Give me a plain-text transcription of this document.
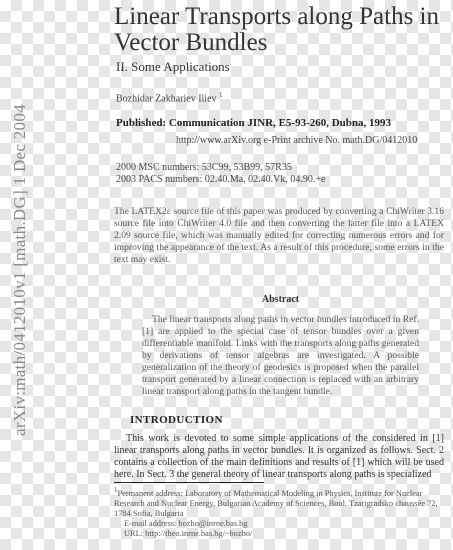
arXiv:math/0412010v1 [math.DG] 1 Dec 2004
Linear Transports along Paths in
Vector Bundles
II. Some Applications
Bozhidar Zakhariev Iliev $^1$
Published: Communication JINR, E5-93-260, Dubna, 1993
http://www.arXiv.org e-Print archive No. math.DG/0412010
2000 MSC numbers: 53C99, 53B99, 57R35
2003 PACS numbers: 02.40.Ma, 02.40.Vk, 04.90.+e
The LATEX2ε source file of this paper was produced by converting a ChiWriter 3.16 source file into ChiWriter 4.0 file and then converting the latter file into a LATEX 2.09 source file, which was manually edited for correcting numerous errors and for improving the appearance of the text. As a result of this procedure, some errors in the text may exist.
Abstract
The linear transports along paths in vector bundles introduced in Ref. [1] are applied to the special case of tensor bundles over a given differentiable manifold. Links with the transports along paths generated by derivations of tensor algebras are investigated. A possible generalization of the theory of geodesics is proposed when the parallel transport generated by a linear connection is replaced with an arbitrary linear transport along paths in the tangent bundle.
INTRODUCTION
This work is devoted to some simple applications of the considered in [1] linear transports along paths in vector bundles. It is organized as follows. Sect. 2 contains a collection of the main definitions and results of [1] which will be used here. In Sect. 3 the general theory of linear transports along paths is specialized
$^1$Permanent address: Laboratory of Mathematical Modeling in Physics, Institute for Nuclear Research and Nuclear Energy, Bulgarian Academy of Sciences, Boul. Tzarigradsko chaussée 72, 1784 Sofia, Bulgaria
E-mail address: bozho@inrne.bas.bg
URL: http://theo.inrne.bas.bg/~bozho/
